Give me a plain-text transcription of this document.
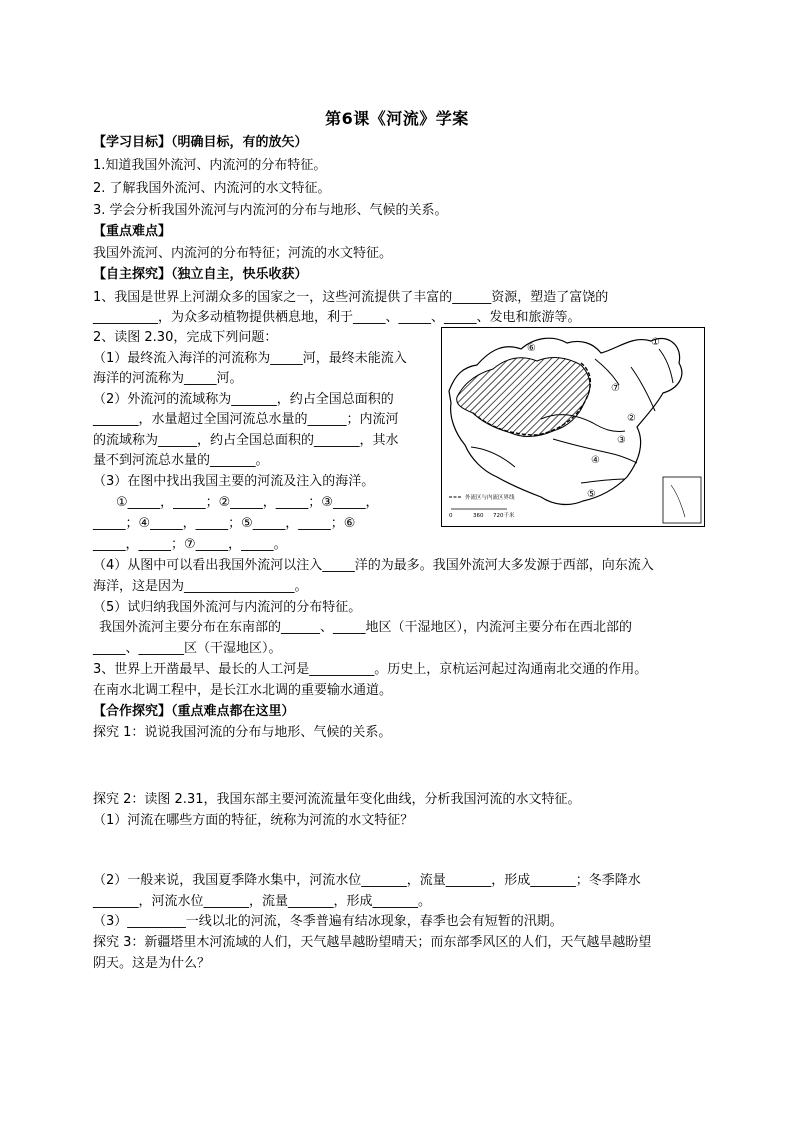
第6课《河流》学案
【学习目标】（明确目标，有的放矢）
1.知道我国外流河、内流河的分布特征。
2. 了解我国外流河、内流河的水文特征。
3. 学会分析我国外流河与内流河的分布与地形、气候的关系。
【重点难点】
我国外流河、内流河的分布特征；河流的水文特征。
【自主探究】（独立自主，快乐收获）
1、我国是世界上河湖众多的国家之一，这些河流提供了丰富的______资源，塑造了富饶的
__________，为众多动植物提供栖息地，利于_____、_____、_____、发电和旅游等。
2、读图 2.30，完成下列问题：
（1）最终流入海洋的河流称为_____河，最终未能流入
海洋的河流称为_____河。
（2）外流河的流域称为_______，约占全国总面积的
_______，水量超过全国河流总水量的______；内流河
的流域称为______，约占全国总面积的_______，其水
量不到河流总水量的_______。
（3）在图中找出我国主要的河流及注入的海洋。
①_____，_____；②_____，_____；③_____，
_____；④_____，_____；⑤_____，_____；⑥
_____，_____；⑦_____，_____。
（4）从图中可以看出我国外流河以注入_____洋的为最多。我国外流河大多发源于西部，向东流入
海洋，这是因为_________________。
（5）试归纳我国外流河与内流河的分布特征。
我国外流河主要分布在东南部的______、_____地区（干湿地区），内流河主要分布在西北部的
_____、_______区（干湿地区）。
3、世界上开凿最早、最长的人工河是__________。历史上，京杭运河起过沟通南北交通的作用。
在南水北调工程中，是长江水北调的重要输水通道。
【合作探究】（重点难点都在这里）
探究 1：说说我国河流的分布与地形、气候的关系。
探究 2：读图 2.31，我国东部主要河流流量年变化曲线，分析我国河流的水文特征。
（1）河流在哪些方面的特征，统称为河流的水文特征？
（2）一般来说，我国夏季降水集中，河流水位_______，流量_______，形成_______；冬季降水
_______，河流水位_______，流量_______，形成_______。
（3）_________一线以北的河流，冬季普遍有结冰现象，春季也会有短暂的汛期。
探究 3：新疆塔里木河流域的人们，天气越旱越盼望晴天；而东部季风区的人们，天气越旱越盼望
阴天。这是为什么？
⑥
①
⑦
②
③
④
⑤
外流区与内流区界线
0	360 720千米
